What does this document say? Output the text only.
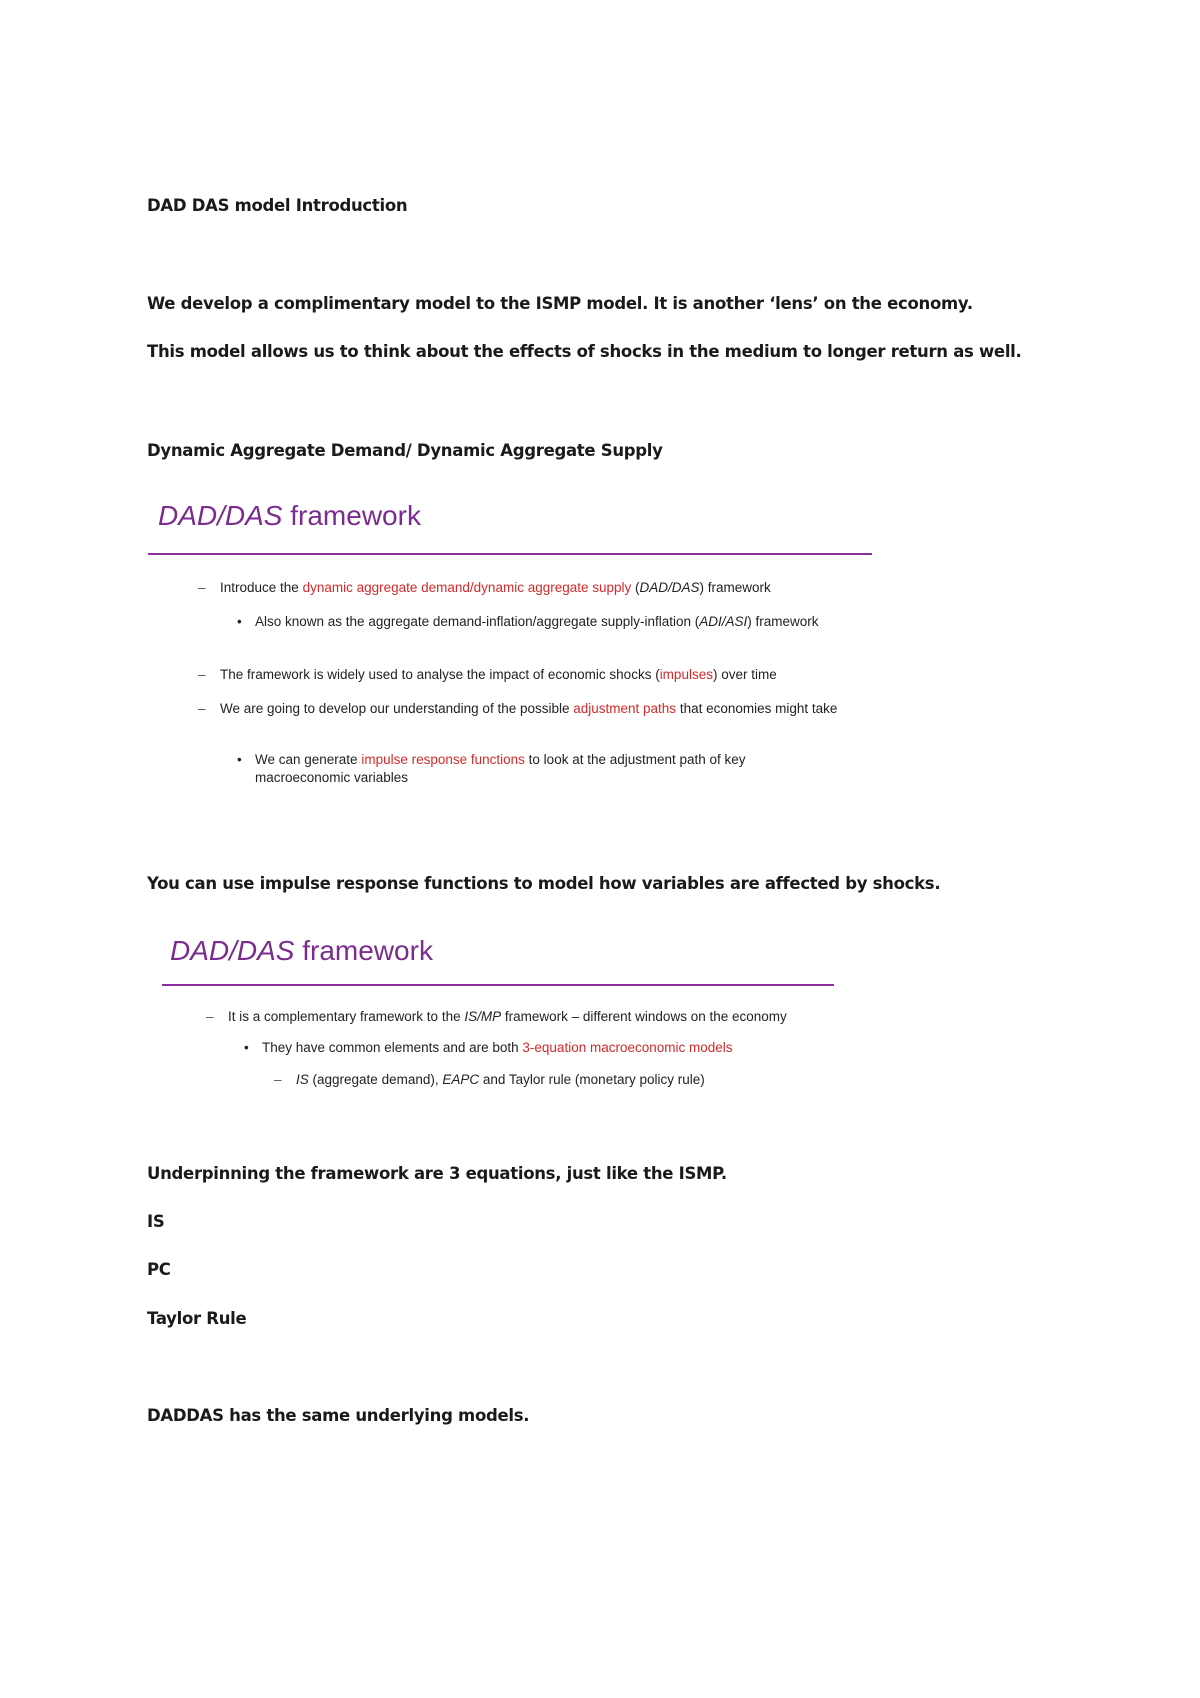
DAD DAS model Introduction
We develop a complimentary model to the ISMP model. It is another ‘lens’ on the economy.
This model allows us to think about the effects of shocks in the medium to longer return as well.
Dynamic Aggregate Demand/ Dynamic Aggregate Supply
DAD/DAS framework
– Introduce the dynamic aggregate demand/dynamic aggregate supply (DAD/DAS) framework
• Also known as the aggregate demand-inflation/aggregate supply-inflation (ADI/ASI) framework
– The framework is widely used to analyse the impact of economic shocks (impulses) over time
– We are going to develop our understanding of the possible adjustment paths that economies might take
• We can generate impulse response functions to look at the adjustment path of key macroeconomic variables
You can use impulse response functions to model how variables are affected by shocks.
DAD/DAS framework
– It is a complementary framework to the IS/MP framework – different windows on the economy
• They have common elements and are both 3-equation macroeconomic models
– IS (aggregate demand), EAPC and Taylor rule (monetary policy rule)
Underpinning the framework are 3 equations, just like the ISMP.
IS
PC
Taylor Rule
DADDAS has the same underlying models.
